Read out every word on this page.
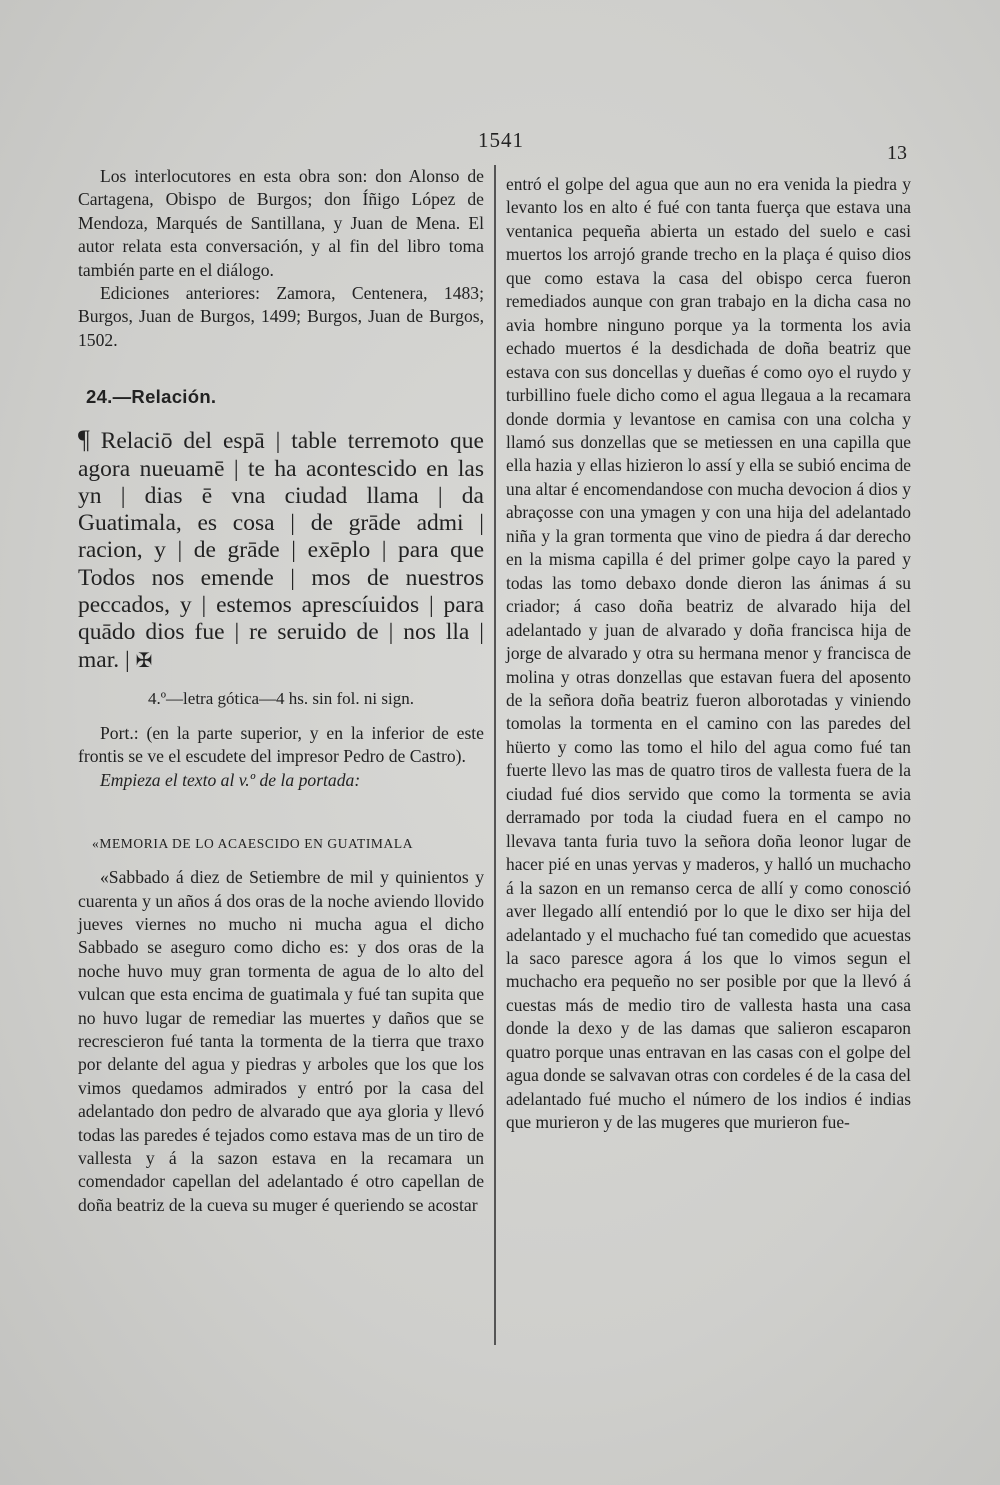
1541
13

Los interlocutores en esta obra son: don Alonso de Cartagena, Obispo de Burgos; don Íñigo López de Mendoza, Marqués de Santillana, y Juan de Mena. El autor relata esta conversación, y al fin del libro toma también parte en el diálogo.

Ediciones anteriores: Zamora, Centenera, 1483; Burgos, Juan de Burgos, 1499; Burgos, Juan de Burgos, 1502.

24.—Relación.

¶ Relaciō del espā | table terremoto que agora nueuamē | te ha acontescido en las yn | dias ē vna ciudad llama | da Guatimala, es cosa | de grāde admi | racion, y | de grāde | exēplo | para que Todos nos emende | mos de nuestros peccados, y | estemos aprescíuidos | para quādo dios fue | re seruido de | nos lla | mar. | ✠

4.º—letra gótica—4 hs. sin fol. ni sign.

Port.: (en la parte superior, y en la inferior de este frontis se ve el escudete del impresor Pedro de Castro).

Empieza el texto al v.º de la portada:

«MEMORIA DE LO ACAESCIDO EN GUATIMALA

«Sabbado á diez de Setiembre de mil y quinientos y cuarenta y un años á dos oras de la noche aviendo llovido jueves viernes no mucho ni mucha agua el dicho Sabbado se aseguro como dicho es: y dos oras de la noche huvo muy gran tormenta de agua de lo alto del vulcan que esta encima de guatimala y fué tan supita que no huvo lugar de remediar las muertes y daños que se recrescieron fué tanta la tormenta de la tierra que traxo por delante del agua y piedras y arboles que los que los vimos quedamos admirados y entró por la casa del adelantado don pedro de alvarado que aya gloria y llevó todas las paredes é tejados como estava mas de un tiro de vallesta y á la sazon estava en la recamara un comendador capellan del adelantado é otro capellan de doña beatriz de la cueva su muger é queriendo se acostar

entró el golpe del agua que aun no era venida la piedra y levanto los en alto é fué con tanta fuerça que estava una ventanica pequeña abierta un estado del suelo e casi muertos los arrojó grande trecho en la plaça é quiso dios que como estava la casa del obispo cerca fueron remediados aunque con gran trabajo en la dicha casa no avia hombre ninguno porque ya la tormenta los avia echado muertos é la desdichada de doña beatriz que estava con sus doncellas y dueñas é como oyo el ruydo y turbillino fuele dicho como el agua llegaua a la recamara donde dormia y levantose en camisa con una colcha y llamó sus donzellas que se metiessen en una capilla que ella hazia y ellas hizieron lo assí y ella se subió encima de una altar é encomendandose con mucha devocion á dios y abraçosse con una ymagen y con una hija del adelantado niña y la gran tormenta que vino de piedra á dar derecho en la misma capilla é del primer golpe cayo la pared y todas las tomo debaxo donde dieron las ánimas á su criador; á caso doña beatriz de alvarado hija del adelantado y juan de alvarado y doña francisca hija de jorge de alvarado y otra su hermana menor y francisca de molina y otras donzellas que estavan fuera del aposento de la señora doña beatriz fueron alborotadas y viniendo tomolas la tormenta en el camino con las paredes del hüerto y como las tomo el hilo del agua como fué tan fuerte llevo las mas de quatro tiros de vallesta fuera de la ciudad fué dios servido que como la tormenta se avia derramado por toda la ciudad fuera en el campo no llevava tanta furia tuvo la señora doña leonor lugar de hacer pié en unas yervas y maderos, y halló un muchacho á la sazon en un remanso cerca de allí y como conosció aver llegado allí entendió por lo que le dixo ser hija del adelantado y el muchacho fué tan comedido que acuestas la saco paresce agora á los que lo vimos segun el muchacho era pequeño no ser posible por que la llevó á cuestas más de medio tiro de vallesta hasta una casa donde la dexo y de las damas que salieron escaparon quatro porque unas entravan en las casas con el golpe del agua donde se salvavan otras con cordeles é de la casa del adelantado fué mucho el número de los indios é indias que murieron y de las mugeres que murieron fue-
